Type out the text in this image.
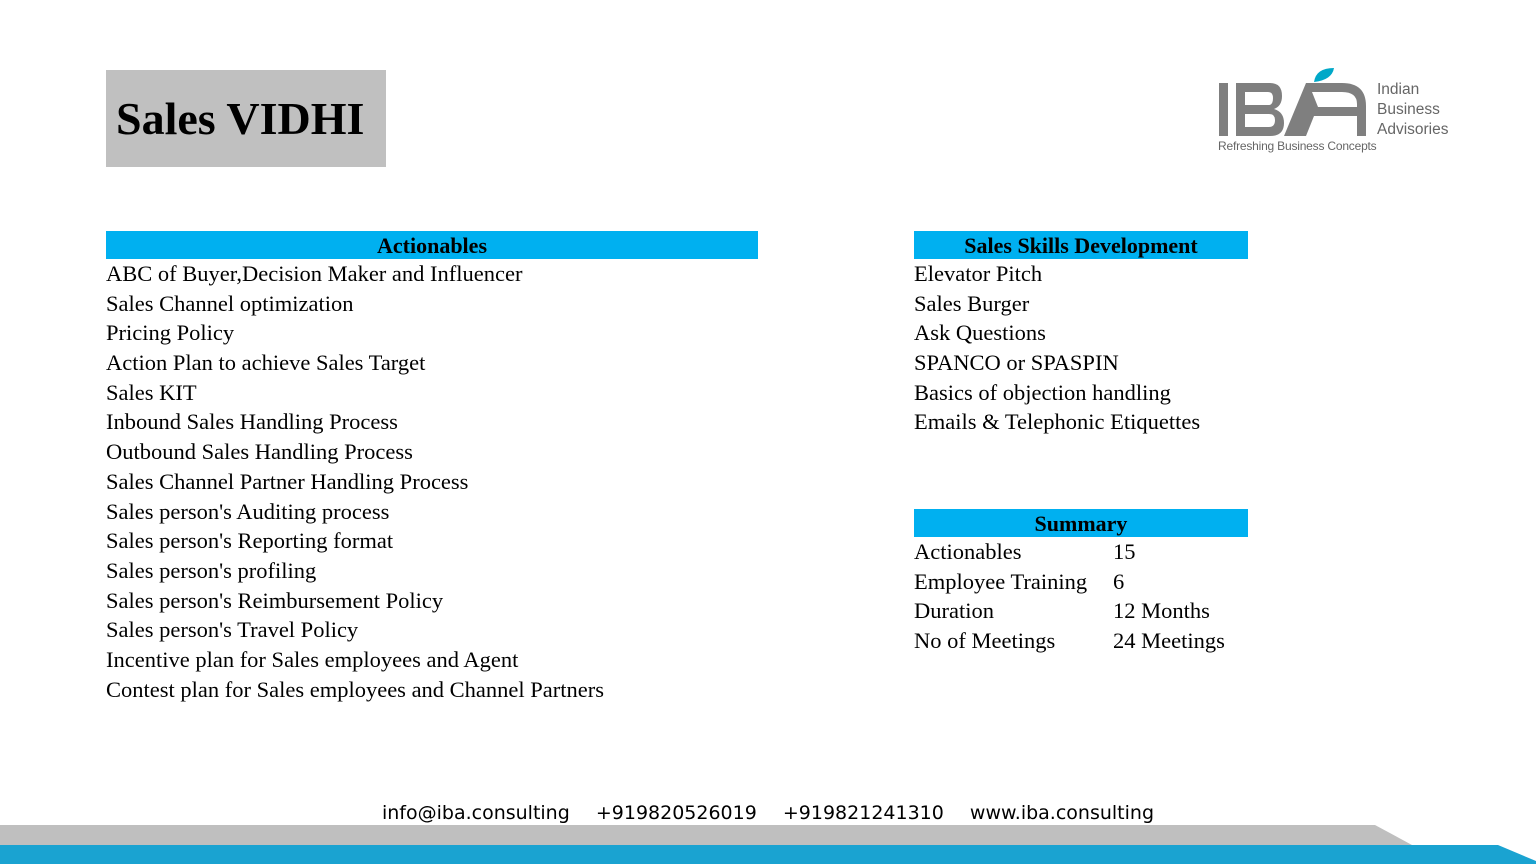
Sales VIDHI
Indian
Business
Advisories
Refreshing Business Concepts
Actionables
ABC of Buyer,Decision Maker and Influencer
Sales Channel optimization
Pricing Policy
Action Plan to achieve Sales Target
Sales KIT
Inbound Sales Handling Process
Outbound Sales Handling Process
Sales Channel Partner Handling Process
Sales person's Auditing process
Sales person's Reporting format
Sales person's profiling
Sales person's Reimbursement Policy
Sales person's Travel Policy
Incentive plan for Sales employees and Agent
Contest plan for Sales employees and Channel Partners
Sales Skills Development
Elevator Pitch
Sales Burger
Ask Questions
SPANCO or SPASPIN
Basics of objection handling
Emails & Telephonic Etiquettes
Summary
Actionables	15
Employee Training	6
Duration	12 Months
No of Meetings	24 Meetings
info@iba.consulting +919820526019 +919821241310 www.iba.consulting
